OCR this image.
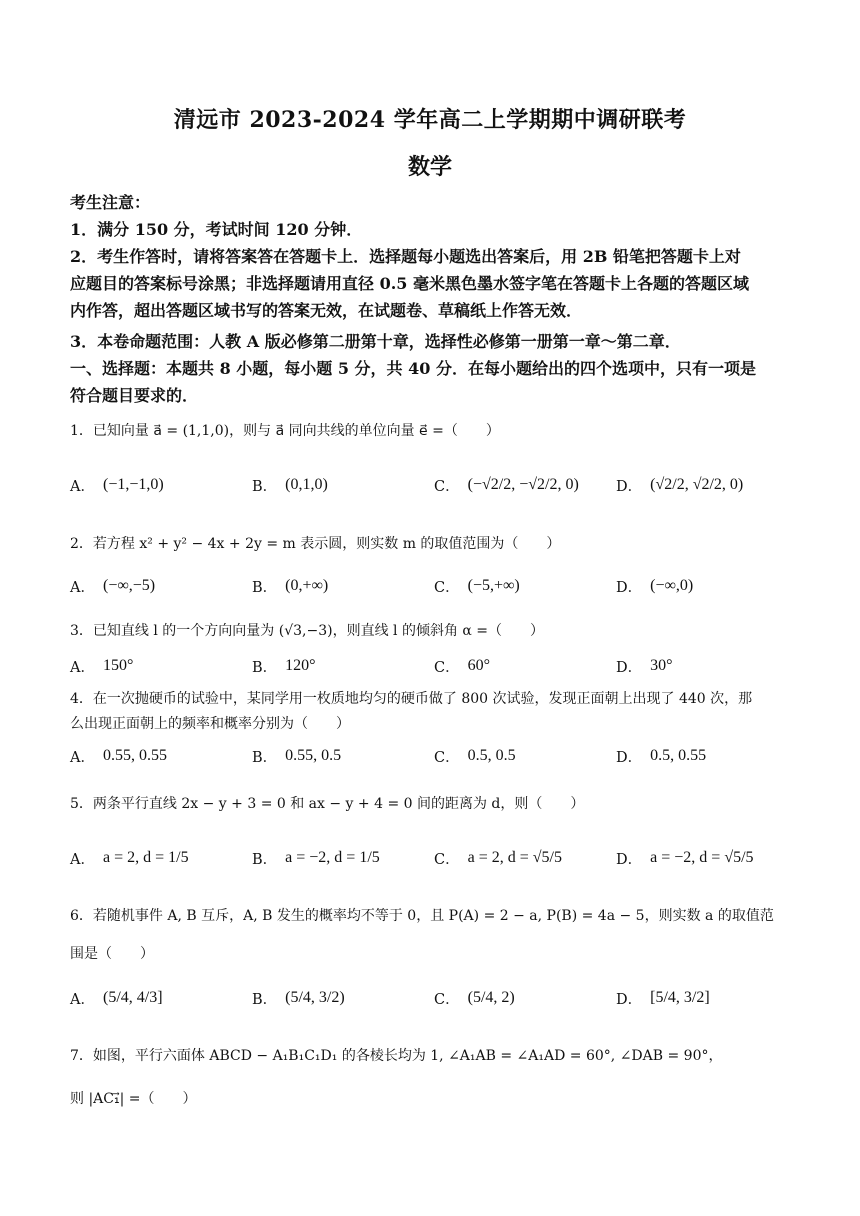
清远市 2023-2024 学年高二上学期期中调研联考
数学
考生注意：
1．满分 150 分，考试时间 120 分钟．
2．考生作答时，请将答案答在答题卡上．选择题每小题选出答案后，用 2B 铅笔把答题卡上对
应题目的答案标号涂黑；非选择题请用直径 0.5 毫米黑色墨水签字笔在答题卡上各题的答题区域
内作答，超出答题区域书写的答案无效，在试题卷、草稿纸上作答无效．
3．本卷命题范围：人教 A 版必修第二册第十章，选择性必修第一册第一章～第二章．
一、选择题：本题共 8 小题，每小题 5 分，共 40 分．在每小题给出的四个选项中，只有一项是
符合题目要求的．
1．已知向量 a⃗ = (1,1,0)，则与 a⃗ 同向共线的单位向量 e⃗ =（　　）
A． (−1,−1,0)	B． (0,1,0)	C． (−√2/2, −√2/2, 0)	D． (√2/2, √2/2, 0)
2．若方程 x² + y² − 4x + 2y = m 表示圆，则实数 m 的取值范围为（　　）
A． (−∞,−5)	B． (0,+∞)	C． (−5,+∞)	D． (−∞,0)
3．已知直线 l 的一个方向向量为 (√3,−3)，则直线 l 的倾斜角 α =（　　）
A． 150°	B． 120°	C． 60°	D． 30°
4．在一次抛硬币的试验中，某同学用一枚质地均匀的硬币做了 800 次试验，发现正面朝上出现了 440 次，那
么出现正面朝上的频率和概率分别为（　　）
A． 0.55, 0.55	B． 0.55, 0.5	C． 0.5, 0.5	D． 0.5, 0.55
5．两条平行直线 2x − y + 3 = 0 和 ax − y + 4 = 0 间的距离为 d，则（　　）
A． a = 2, d = 1/5	B． a = −2, d = 1/5	C． a = 2, d = √5/5	D． a = −2, d = √5/5
6．若随机事件 A, B 互斥，A, B 发生的概率均不等于 0，且 P(A) = 2 − a, P(B) = 4a − 5，则实数 a 的取值范
围是（　　）
A． (5/4, 4/3]	B． (5/4, 3/2)	C． (5/4, 2)	D． [5/4, 3/2]
7．如图，平行六面体 ABCD − A₁B₁C₁D₁ 的各棱长均为 1, ∠A₁AB = ∠A₁AD = 60°, ∠DAB = 90°，
则 |AC₁⃗| =（　　）
